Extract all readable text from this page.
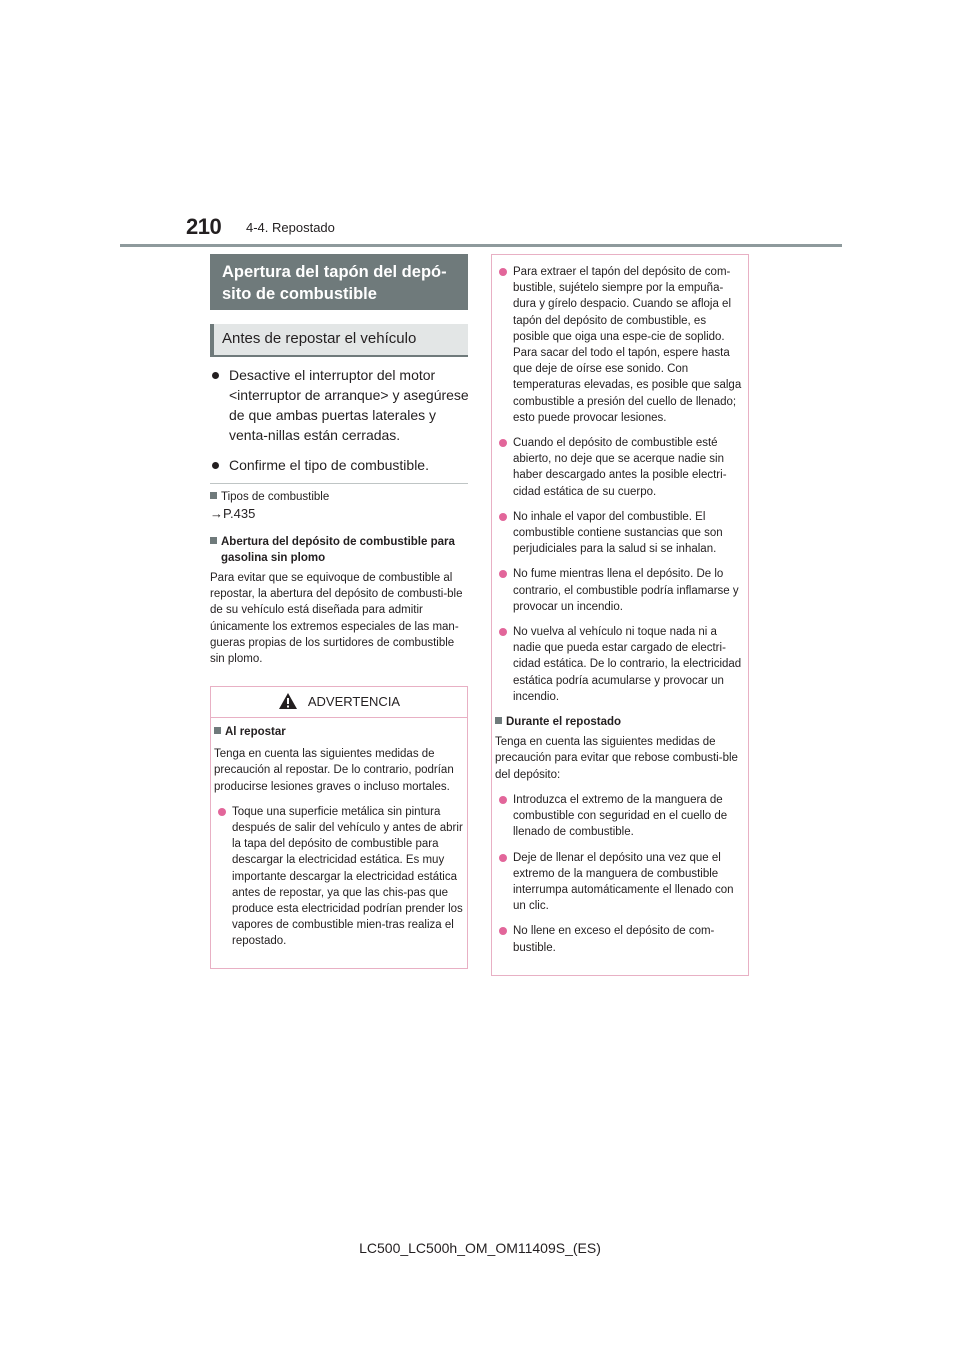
210 4-4. Repostado
Apertura del tapón del depó-sito de combustible
Antes de repostar el vehículo
Desactive el interruptor del motor <interruptor de arranque> y asegúrese de que ambas puertas laterales y venta-nillas están cerradas.
Confirme el tipo de combustible.
Tipos de combustible
→P.435
Abertura del depósito de combustible para gasolina sin plomo
Para evitar que se equivoque de combustible al repostar, la abertura del depósito de combusti-ble de su vehículo está diseñada para admitir únicamente los extremos especiales de las man-gueras propias de los surtidores de combustible sin plomo.
ADVERTENCIA
Al repostar
Tenga en cuenta las siguientes medidas de precaución al repostar. De lo contrario, podrían producirse lesiones graves o incluso mortales.
Toque una superficie metálica sin pintura después de salir del vehículo y antes de abrir la tapa del depósito de combustible para descargar la electricidad estática. Es muy importante descargar la electricidad estática antes de repostar, ya que las chis-pas que produce esta electricidad podrían prender los vapores de combustible mien-tras realiza el repostado.
Para extraer el tapón del depósito de com-bustible, sujételo siempre por la empuña-dura y gírelo despacio. Cuando se afloja el tapón del depósito de combustible, es posible que oiga una espe-cie de soplido. Para sacar del todo el tapón, espere hasta que deje de oírse ese sonido. Con temperaturas elevadas, es posible que salga combustible a presión del cuello de llenado; esto puede provocar lesiones.
Cuando el depósito de combustible esté abierto, no deje que se acerque nadie sin haber descargado antes la posible electri-cidad estática de su cuerpo.
No inhale el vapor del combustible. El combustible contiene sustancias que son perjudiciales para la salud si se inhalan.
No fume mientras llena el depósito. De lo contrario, el combustible podría inflamarse y provocar un incendio.
No vuelva al vehículo ni toque nada ni a nadie que pueda estar cargado de electri-cidad estática. De lo contrario, la electricidad estática podría acumularse y provocar un incendio.
Durante el repostado
Tenga en cuenta las siguientes medidas de precaución para evitar que rebose combusti-ble del depósito:
Introduzca el extremo de la manguera de combustible con seguridad en el cuello de llenado de combustible.
Deje de llenar el depósito una vez que el extremo de la manguera de combustible interrumpa automáticamente el llenado con un clic.
No llene en exceso el depósito de com-bustible.
LC500_LC500h_OM_OM11409S_(ES)
